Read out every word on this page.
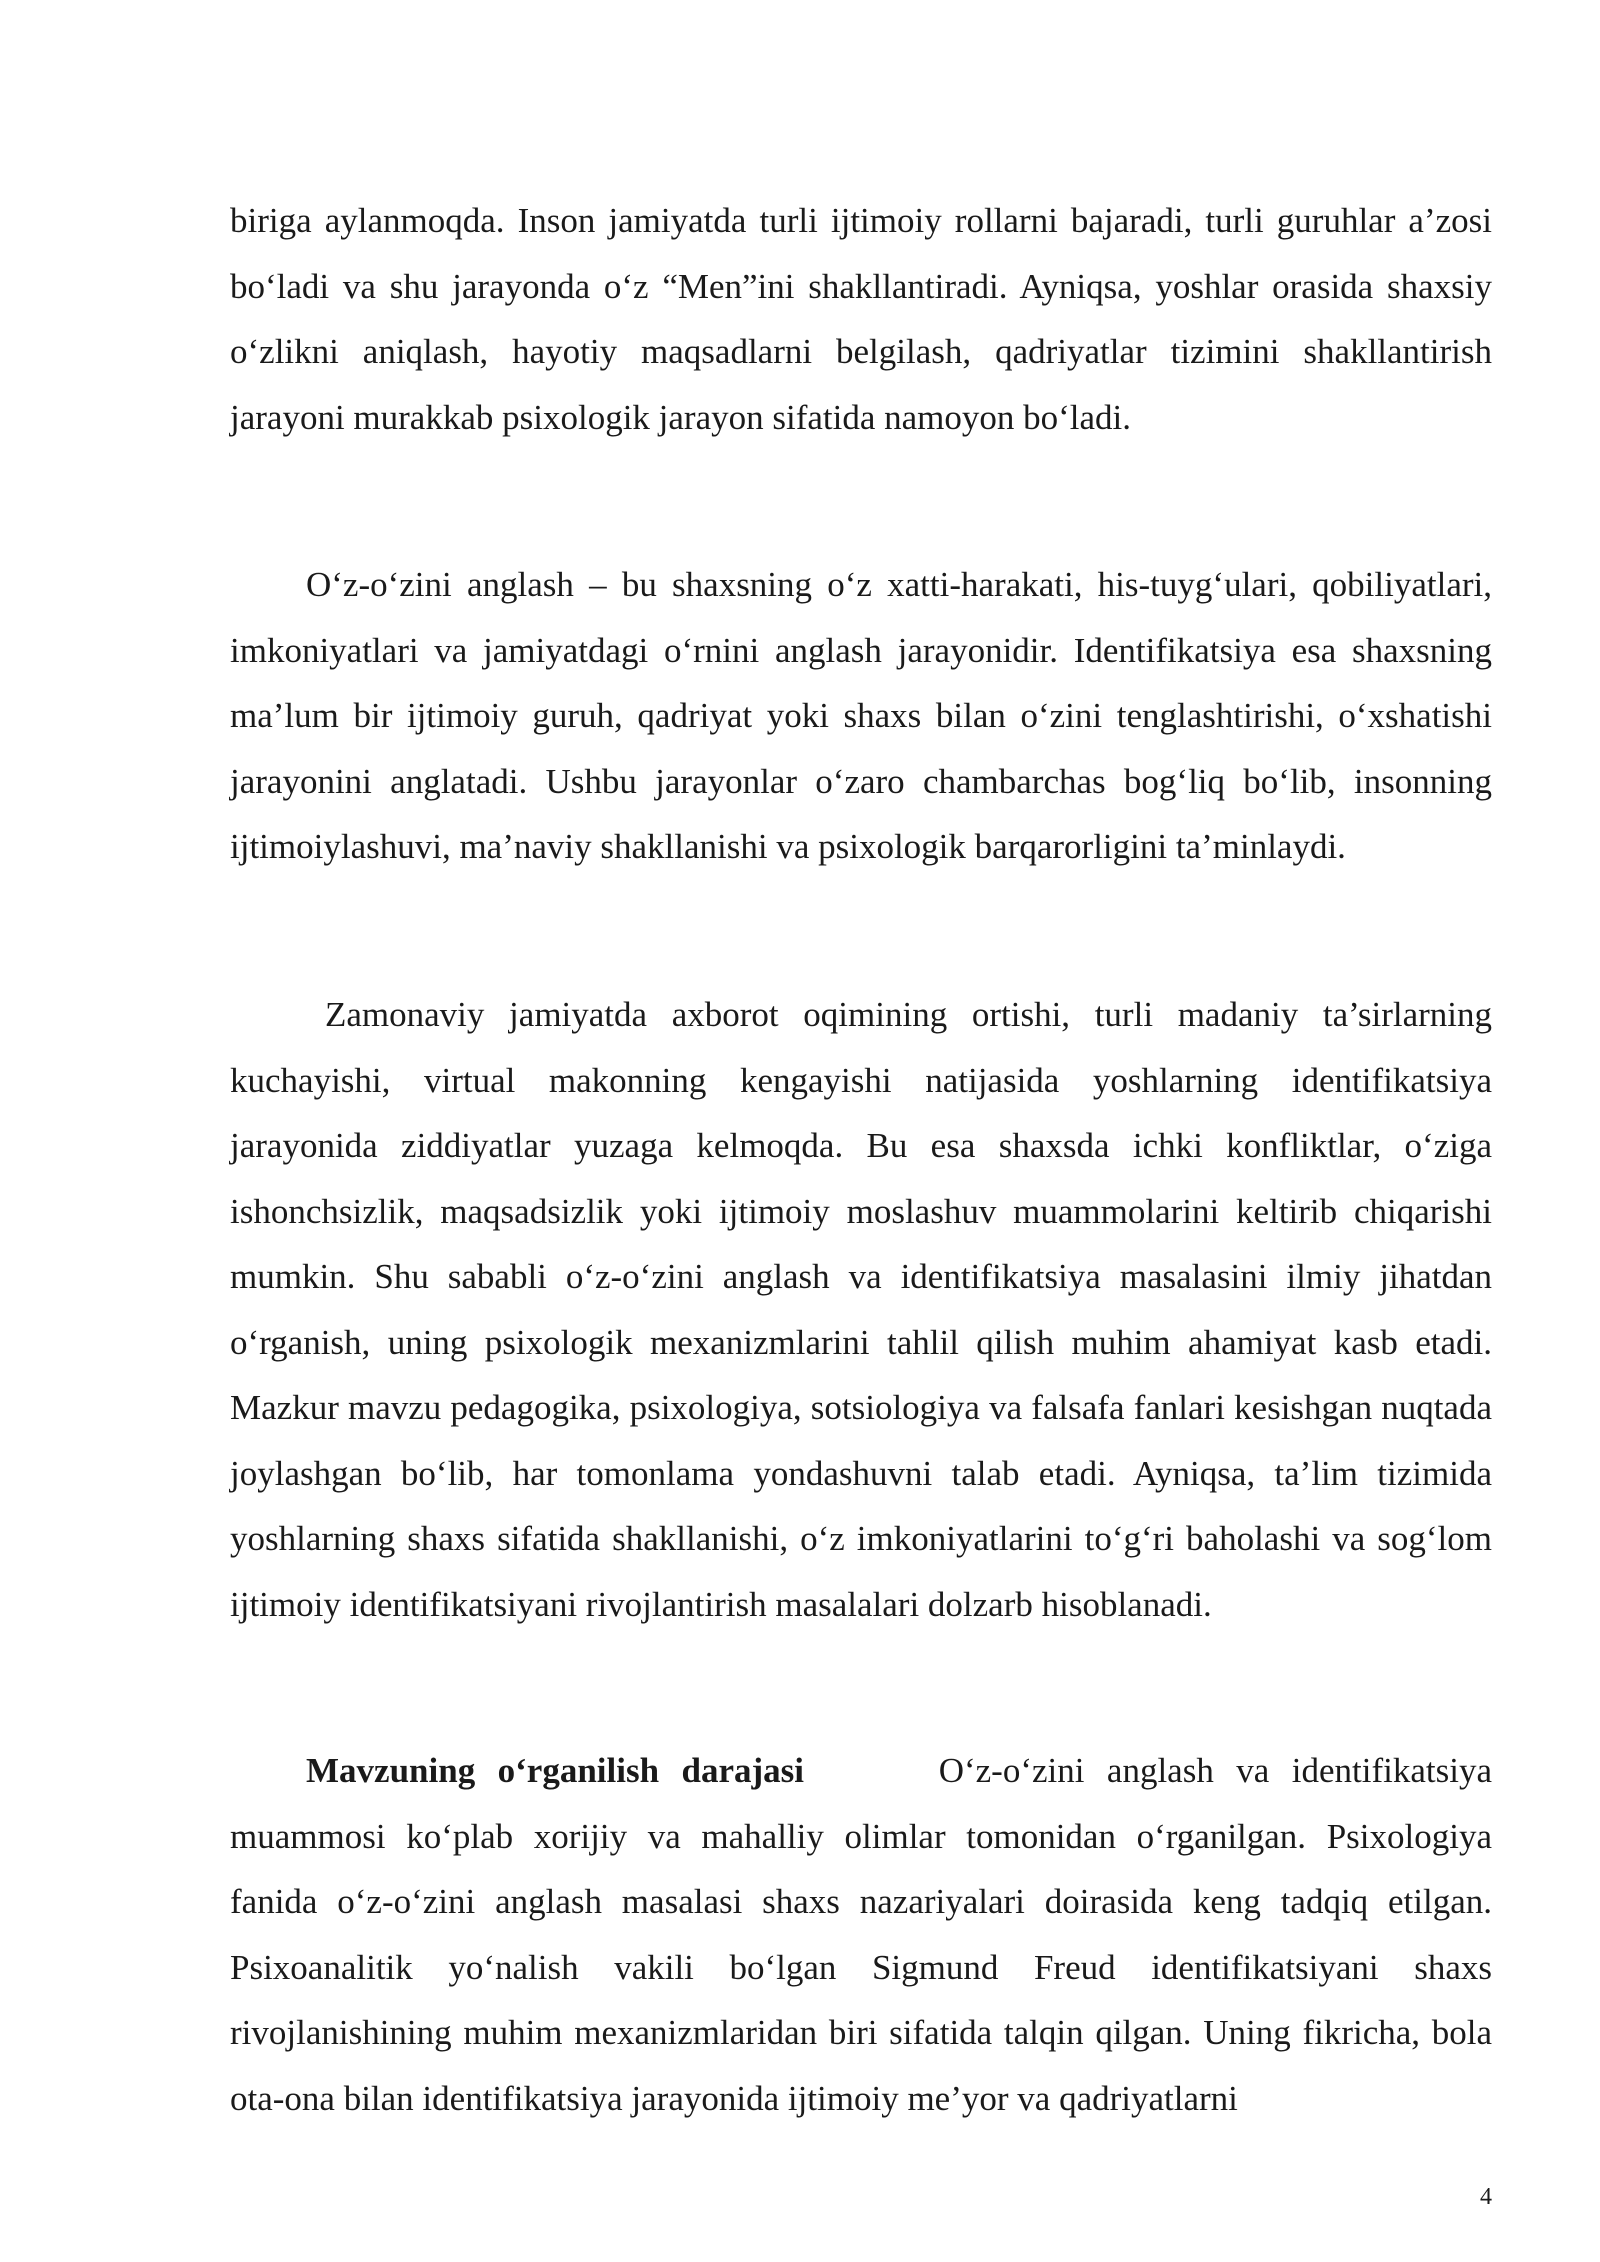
biriga aylanmoqda. Inson jamiyatda turli ijtimoiy rollarni bajaradi, turli guruhlar a’zosi bo‘ladi va shu jarayonda o‘z “Men”ini shakllantiradi. Ayniqsa, yoshlar orasida shaxsiy o‘zlikni aniqlash, hayotiy maqsadlarni belgilash, qadriyatlar tizimini shakllantirish jarayoni murakkab psixologik jarayon sifatida namoyon bo‘ladi.

O‘z-o‘zini anglash – bu shaxsning o‘z xatti-harakati, his-tuyg‘ulari, qobiliyatlari, imkoniyatlari va jamiyatdagi o‘rnini anglash jarayonidir. Identifikatsiya esa shaxsning ma’lum bir ijtimoiy guruh, qadriyat yoki shaxs bilan o‘zini tenglashtirishi, o‘xshatishi jarayonini anglatadi. Ushbu jarayonlar o‘zaro chambarchas bog‘liq bo‘lib, insonning ijtimoiylashuvi, ma’naviy shakllanishi va psixologik barqarorligini ta’minlaydi.

Zamonaviy jamiyatda axborot oqimining ortishi, turli madaniy ta’sirlarning kuchayishi, virtual makonning kengayishi natijasida yoshlarning identifikatsiya jarayonida ziddiyatlar yuzaga kelmoqda. Bu esa shaxsda ichki konfliktlar, o‘ziga ishonchsizlik, maqsadsizlik yoki ijtimoiy moslashuv muammolarini keltirib chiqarishi mumkin. Shu sababli o‘z-o‘zini anglash va identifikatsiya masalasini ilmiy jihatdan o‘rganish, uning psixologik mexanizmlarini tahlil qilish muhim ahamiyat kasb etadi. Mazkur mavzu pedagogika, psixologiya, sotsiologiya va falsafa fanlari kesishgan nuqtada joylashgan bo‘lib, har tomonlama yondashuvni talab etadi. Ayniqsa, ta’lim tizimida yoshlarning shaxs sifatida shakllanishi, o‘z imkoniyatlarini to‘g‘ri baholashi va sog‘lom ijtimoiy identifikatsiyani rivojlantirish masalalari dolzarb hisoblanadi.

Mavzuning o‘rganilish darajasi	O‘z-o‘zini anglash va identifikatsiya muammosi ko‘plab xorijiy va mahalliy olimlar tomonidan o‘rganilgan. Psixologiya fanida o‘z-o‘zini anglash masalasi shaxs nazariyalari doirasida keng tadqiq etilgan. Psixoanalitik yo‘nalish vakili bo‘lgan Sigmund Freud identifikatsiyani shaxs rivojlanishining muhim mexanizmlaridan biri sifatida talqin qilgan. Uning fikricha, bola ota-ona bilan identifikatsiya jarayonida ijtimoiy me’yor va qadriyatlarni

4
